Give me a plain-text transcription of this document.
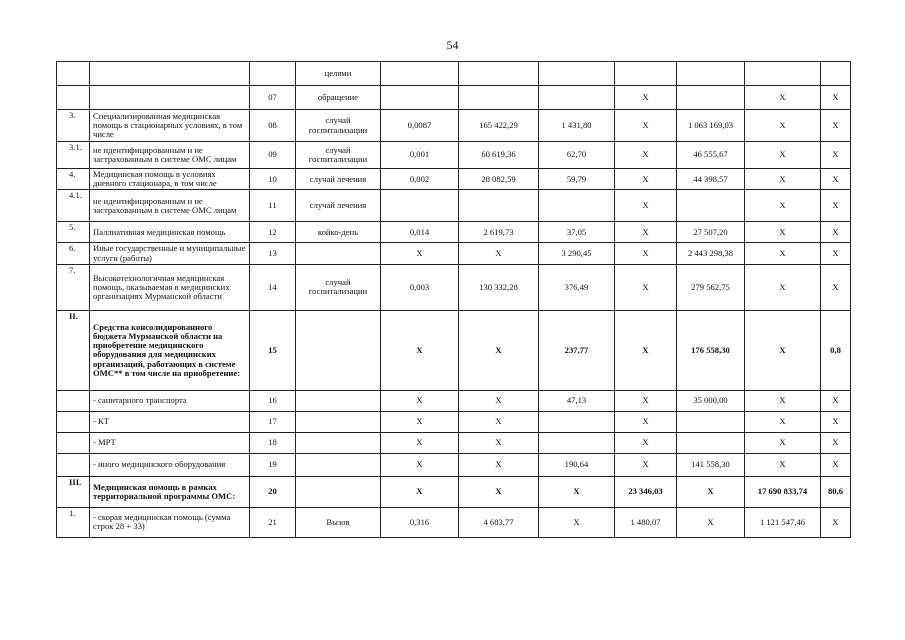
54
			целями							
		07	обращение				X		X	X
3.	Специализированная медицинская помощь в стационарных условиях, в том числе	08	случай госпитализации	0,0087	165 422,29	1 431,80	X	1 063 169,03	X	X
3.1.	не идентифицированным и не застрахованным в системе ОМС лицам	09	случай госпитализации	0,001	60 619,36	62,70	X	46 555,67	X	X
4.	Медицинская помощь в условиях дневного стационара, в том числе	10	случай лечения	0,002	28 082,59	59,79	X	44 398,57	X	X
4.1.	не идентифицированным и не застрахованным в системе ОМС лицам	11	случай лечения				X		X	X
5.	Паллиативная медицинская помощь	12	койко-день	0,014	2 619,73	37,05	X	27 507,20	X	X
6.	Иные государственные и муниципальные услуги (работы)	13		X	X	3 290,45	X	2 443 298,38	X	X
7.	Высокотехнологичная медицинская помощь, оказываемая в медицинских организациях Мурманской области	14	случай госпитализации	0,003	130 332,28	376,49	X	279 562,75	X	X
II.	Средства консолидированного бюджета Мурманской области на приобретение медицинского оборудования для медицинских организаций, работающих в системе ОМС** в том числе на приобретение:	15		X	X	237,77	X	176 558,30	X	0,8
	- санитарного транспорта	16		X	X	47,13	X	35 000,00	X	X
	- КТ	17		X	X		X		X	X
	- МРТ	18		X	X		X		X	X
	- иного медицинского оборудования	19		X	X	190,64	X	141 558,30	X	X
III.	Медицинская помощь в рамках территориальной программы ОМС:	20		X	X	X	23 346,03	X	17 690 833,74	80,6
1.	- скорая медицинская помощь (сумма строк 28 + 33)	21	Вызов	0,316	4 683,77	X	1 480,07	X	1 121 547,46	X
